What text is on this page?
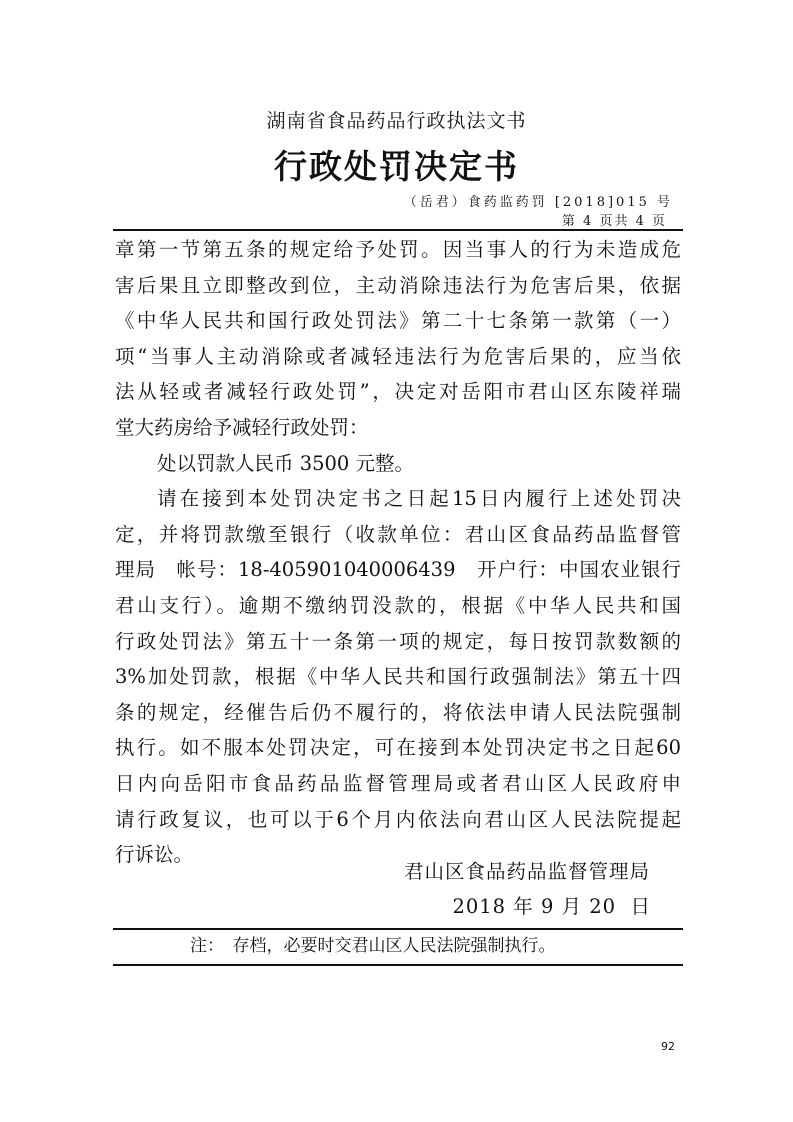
湖南省食品药品行政执法文书
行政处罚决定书
（岳君）食药监药罚 [2018]015 号
第 4 页共 4 页
章第一节第五条的规定给予处罚。因当事人的行为未造成危
害后果且立即整改到位，主动消除违法行为危害后果，依据
《中华人民共和国行政处罚法》第二十七条第一款第（一）
项“当事人主动消除或者减轻违法行为危害后果的，应当依
法从轻或者减轻行政处罚”，决定对岳阳市君山区东陵祥瑞
堂大药房给予减轻行政处罚：
处以罚款人民币 3500 元整。
请在接到本处罚决定书之日起15日内履行上述处罚决
定，并将罚款缴至银行（收款单位：君山区食品药品监督管
理局　帐号：18-405901040006439　开户行：中国农业银行
君山支行）。逾期不缴纳罚没款的，根据《中华人民共和国
行政处罚法》第五十一条第一项的规定，每日按罚款数额的
3%加处罚款，根据《中华人民共和国行政强制法》第五十四
条的规定，经催告后仍不履行的，将依法申请人民法院强制
执行。如不服本处罚决定，可在接到本处罚决定书之日起60
日内向岳阳市食品药品监督管理局或者君山区人民政府申
请行政复议，也可以于6个月内依法向君山区人民法院提起
行诉讼。
君山区食品药品监督管理局
2018 年 9 月 20  日
注：　存档，必要时交君山区人民法院强制执行。
92
